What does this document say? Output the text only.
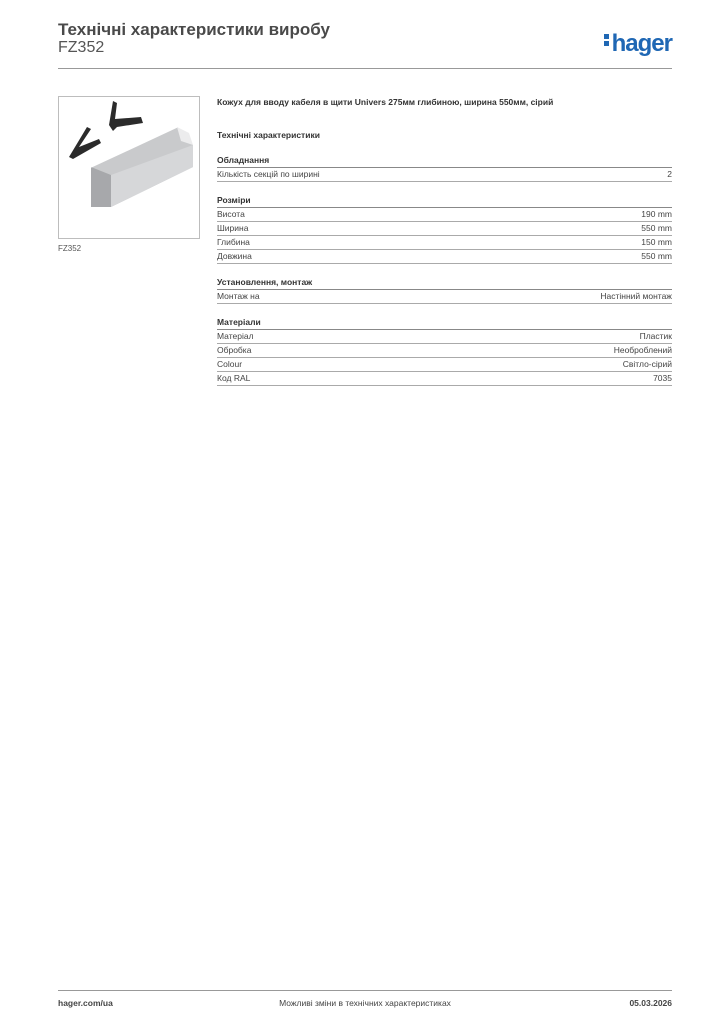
Технічні характеристики виробу
FZ352	hager
FZ352

Кожух для вводу кабеля в щити Univers 275мм глибиною, ширина 550мм, сірий

Технічні характеристики
Обладнання
Кількість секцій по ширині	2
Розміри
Висота	190 mm
Ширина	550 mm
Глибина	150 mm
Довжина	550 mm
Установлення, монтаж
Монтаж на	Настінний монтаж
Матеріали
Матеріал	Пластик
Обробка	Необроблений
Colour	Світло-сірий
Код RAL	7035
Можливі зміни в технічних характеристиках
hager.com/ua	05.03.2026
